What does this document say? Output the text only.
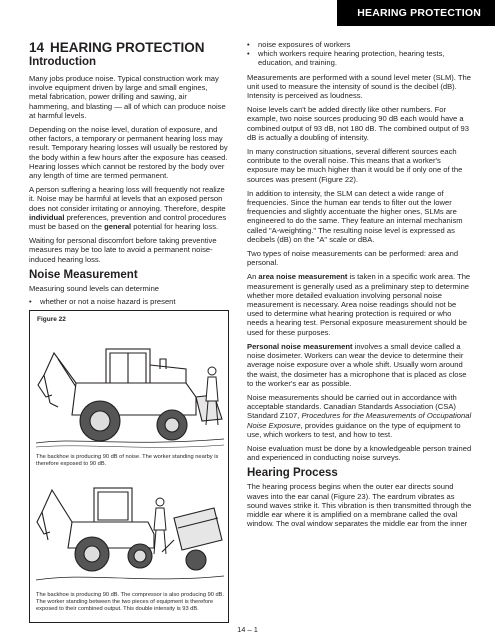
HEARING PROTECTION
14 HEARING PROTECTION
Introduction

Many jobs produce noise. Typical construction work may involve equipment driven by large and small engines, metal fabrication, power drilling and sawing, air hammering, and blasting — all of which can produce noise at harmful levels.

Depending on the noise level, duration of exposure, and other factors, a temporary or permanent hearing loss may result. Temporary hearing losses will usually be restored by the body within a few hours after the exposure has ceased. Hearing losses which cannot be restored by the body over any length of time are termed permanent.

A person suffering a hearing loss will frequently not realize it. Noise may be harmful at levels that an exposed person does not consider irritating or annoying. Therefore, despite individual preferences, prevention and control procedures must be based on the general potential for hearing loss.

Waiting for personal discomfort before taking preventive measures may be too late to avoid a permanent noise-induced hearing loss.

Noise Measurement

Measuring sound levels can determine

• whether or not a noise hazard is present
Figure 22
The backhoe is producing 90 dB of noise. The worker standing nearby is therefore exposed to 90 dB.
The backhoe is producing 90 dB. The compressor is also producing 90 dB. The worker standing between the two pieces of equipment is therefore exposed to their combined output. This double intensity is 93 dB.
• noise exposures of workers
• which workers require hearing protection, hearing tests, education, and training.

Measurements are performed with a sound level meter (SLM). The unit used to measure the intensity of sound is the decibel (dB). Intensity is perceived as loudness.

Noise levels can't be added directly like other numbers. For example, two noise sources producing 90 dB each would have a combined output of 93 dB, not 180 dB. The combined output of 93 dB is actually a doubling of intensity.

In many construction situations, several different sources each contribute to the overall noise. This means that a worker's exposure may be much higher than it would be if only one of the sources was present (Figure 22).

In addition to intensity, the SLM can detect a wide range of frequencies. Since the human ear tends to filter out the lower frequencies and slightly accentuate the higher ones, SLMs are engineered to do the same. They feature an internal mechanism called "A-weighting." The resulting noise level is expressed as decibels (dB) on the "A" scale or dBA.

Two types of noise measurements can be performed: area and personal.

An area noise measurement is taken in a specific work area. The measurement is generally used as a preliminary step to determine whether more detailed evaluation involving personal noise measurement is necessary. Area noise readings should not be used to determine what hearing protection is required or who needs a hearing test. Personal exposure measurement should be used for these purposes.

Personal noise measurement involves a small device called a noise dosimeter. Workers can wear the device to determine their average noise exposure over a whole shift. Usually worn around the waist, the dosimeter has a microphone that is placed as close to the worker's ear as possible.

Noise measurements should be carried out in accordance with acceptable standards. Canadian Standards Association (CSA) Standard Z107, Procedures for the Measurements of Occupational Noise Exposure, provides guidance on the type of equipment to use, which workers to test, and how to test.

Noise evaluation must be done by a knowledgeable person trained and experienced in conducting noise surveys.

Hearing Process

The hearing process begins when the outer ear directs sound waves into the ear canal (Figure 23). The eardrum vibrates as sound waves strike it. This vibration is then transmitted through the middle ear where it is amplified on a membrane called the oval window. The oval window separates the middle ear from the inner

14 – 1
